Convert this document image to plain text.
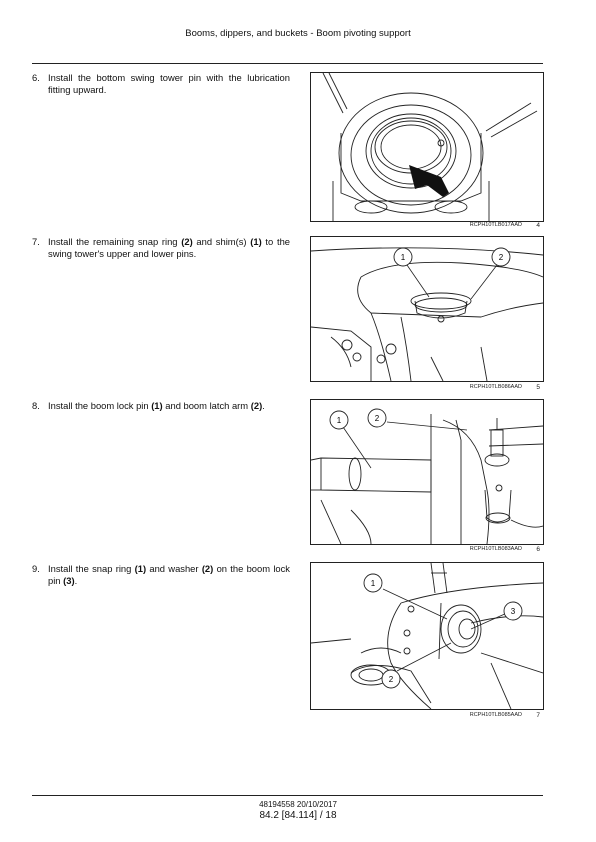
Booms, dippers, and buckets - Boom pivoting support
6. Install the bottom swing tower pin with the lubrication fitting upward.
RCPH10TLB017AAD 4
7. Install the remaining snap ring (2) and shim(s) (1) to the swing tower's upper and lower pins.	1	2
RCPH10TLB086AAD 5
8. Install the boom lock pin (1) and boom latch arm (2).
1	2
RCPH10TLB083AAD 6
9. Install the snap ring (1) and washer (2) on the boom lock pin (3).	1
2
3
RCPH10TLB085AAD 7
48194558 20/10/2017
84.2 [84.114] / 18
